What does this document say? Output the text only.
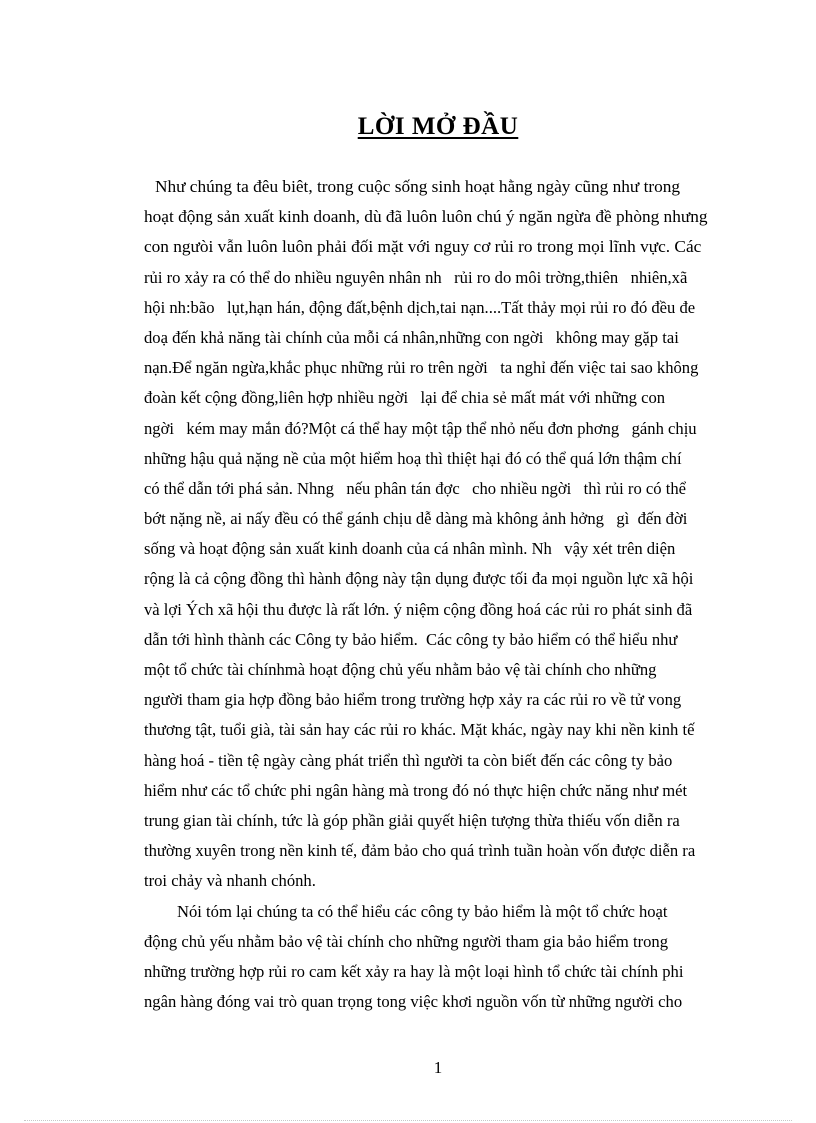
LỜI MỞ ĐẦU
Như chúng ta đêu biêt, trong cuộc sống sinh hoạt hằng ngày cũng như trong
hoạt động sản xuất kinh doanh, dù đã luôn luôn chú ý ngăn ngừa đề phòng nhưng
con ngưòi vẫn luôn luôn phải đối mặt với nguy cơ rủi ro trong mọi lĩnh vực. Các
rủi ro xảy ra có thể do nhiều nguyên nhân nh   rủi ro do môi trờng,thiên   nhiên,xã
hội nh:bão   lụt,hạn hán, động đất,bệnh dịch,tai nạn....Tất thảy mọi rủi ro đó đều đe
doạ đến khả năng tài chính của mỗi cá nhân,những con ngời   không may gặp tai
nạn.Để ngăn ngừa,khắc phục những rủi ro trên ngời   ta nghỉ đến việc tai sao không
đoàn kết cộng đồng,liên hợp nhiều ngời   lại để chia sẻ mất mát với những con
ngời   kém may mắn đó?Một cá thể hay một tập thể nhỏ nếu đơn phơng   gánh chịu
những hậu quả nặng nề của một hiểm hoạ thì thiệt hại đó có thể quá lớn thậm chí
có thể dẫn tới phá sản. Nhng   nếu phân tán đợc   cho nhiều ngời   thì rủi ro có thể
bớt nặng nề, ai nấy đều có thể gánh chịu dễ dàng mà không ảnh hởng   gì  đến đời
sống và hoạt động sản xuất kinh doanh của cá nhân mình. Nh   vậy xét trên diện
rộng là cả cộng đồng thì hành động này tận dụng được tối đa mọi nguồn lực xã hội
và lợi Ých xã hội thu được là rất lớn. ý niệm cộng đồng hoá các rủi ro phát sinh đã
dẫn tới hình thành các Công ty bảo hiểm.  Các công ty bảo hiểm có thể hiểu như
một tổ chức tài chínhmà hoạt động chủ yếu nhằm bảo vệ tài chính cho những
người tham gia hợp đồng bảo hiểm trong trường hợp xảy ra các rủi ro về tử vong
thương tật, tuổi già, tài sản hay các rủi ro khác. Mặt khác, ngày nay khi nền kinh tế
hàng hoá - tiền tệ ngày càng phát triển thì người ta còn biết đến các công ty bảo
hiểm như các tổ chức phi ngân hàng mà trong đó nó thực hiện chức năng như mét
trung gian tài chính, tức là góp phần giải quyết hiện tượng thừa thiếu vốn diễn ra
thường xuyên trong nền kinh tế, đảm bảo cho quá trình tuần hoàn vốn được diễn ra
troi chảy và nhanh chónh.
Nói tóm lại chúng ta có thể hiểu các công ty bảo hiểm là một tổ chức hoạt
động chủ yếu nhằm bảo vệ tài chính cho những người tham gia bảo hiểm trong
những trường hợp rủi ro cam kết xảy ra hay là một loại hình tổ chức tài chính phi
ngân hàng đóng vai trò quan trọng tong việc khơi nguồn vốn từ những người cho
1
